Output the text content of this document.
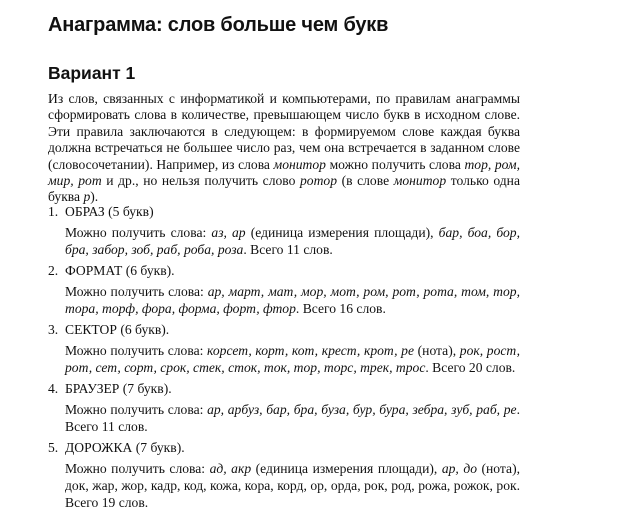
Анаграмма: слов больше чем букв
Вариант 1

Из слов, связанных с информатикой и компьютерами, по правилам анаграммы сформировать слова в количестве, превышающем число букв в исходном слове. Эти правила заключаются в следующем: в формируемом слове каждая буква должна встречаться не большее число раз, чем она встречается в заданном слове (словосочетании). Например, из слова монитор можно получить слова тор, ром, мир, рот и др., но нельзя получить слово ротор (в слове монитор только одна буква р).

1. ОБРАЗ (5 букв)
Можно получить слова: аз, ар (единица измерения площади), бар, боа, бор, бра, забор, зоб, раб, роба, роза. Всего 11 слов.
2. ФОРМАТ (6 букв).
Можно получить слова: ар, март, мат, мор, мот, ром, рот, рота, том, тор, тора, торф, фора, форма, форт, фтор. Всего 16 слов.
3. СЕКТОР (6 букв).
Можно получить слова: корсет, корт, кот, крест, крот, ре (нота), рок, рост, рот, сет, сорт, срок, стек, сток, ток, тор, торс, трек, трос. Всего 20 слов.
4. БРАУЗЕР (7 букв).
Можно получить слова: ар, арбуз, бар, бра, буза, бур, бура, зебра, зуб, раб, ре. Всего 11 слов.
5. ДОРОЖКА (7 букв).
Можно получить слова: ад, акр (единица измерения площади), ар, до (нота), док, жар, жор, кадр, код, кожа, кора, корд, ор, орда, рок, род, рожа, рожок, рок. Всего 19 слов.
